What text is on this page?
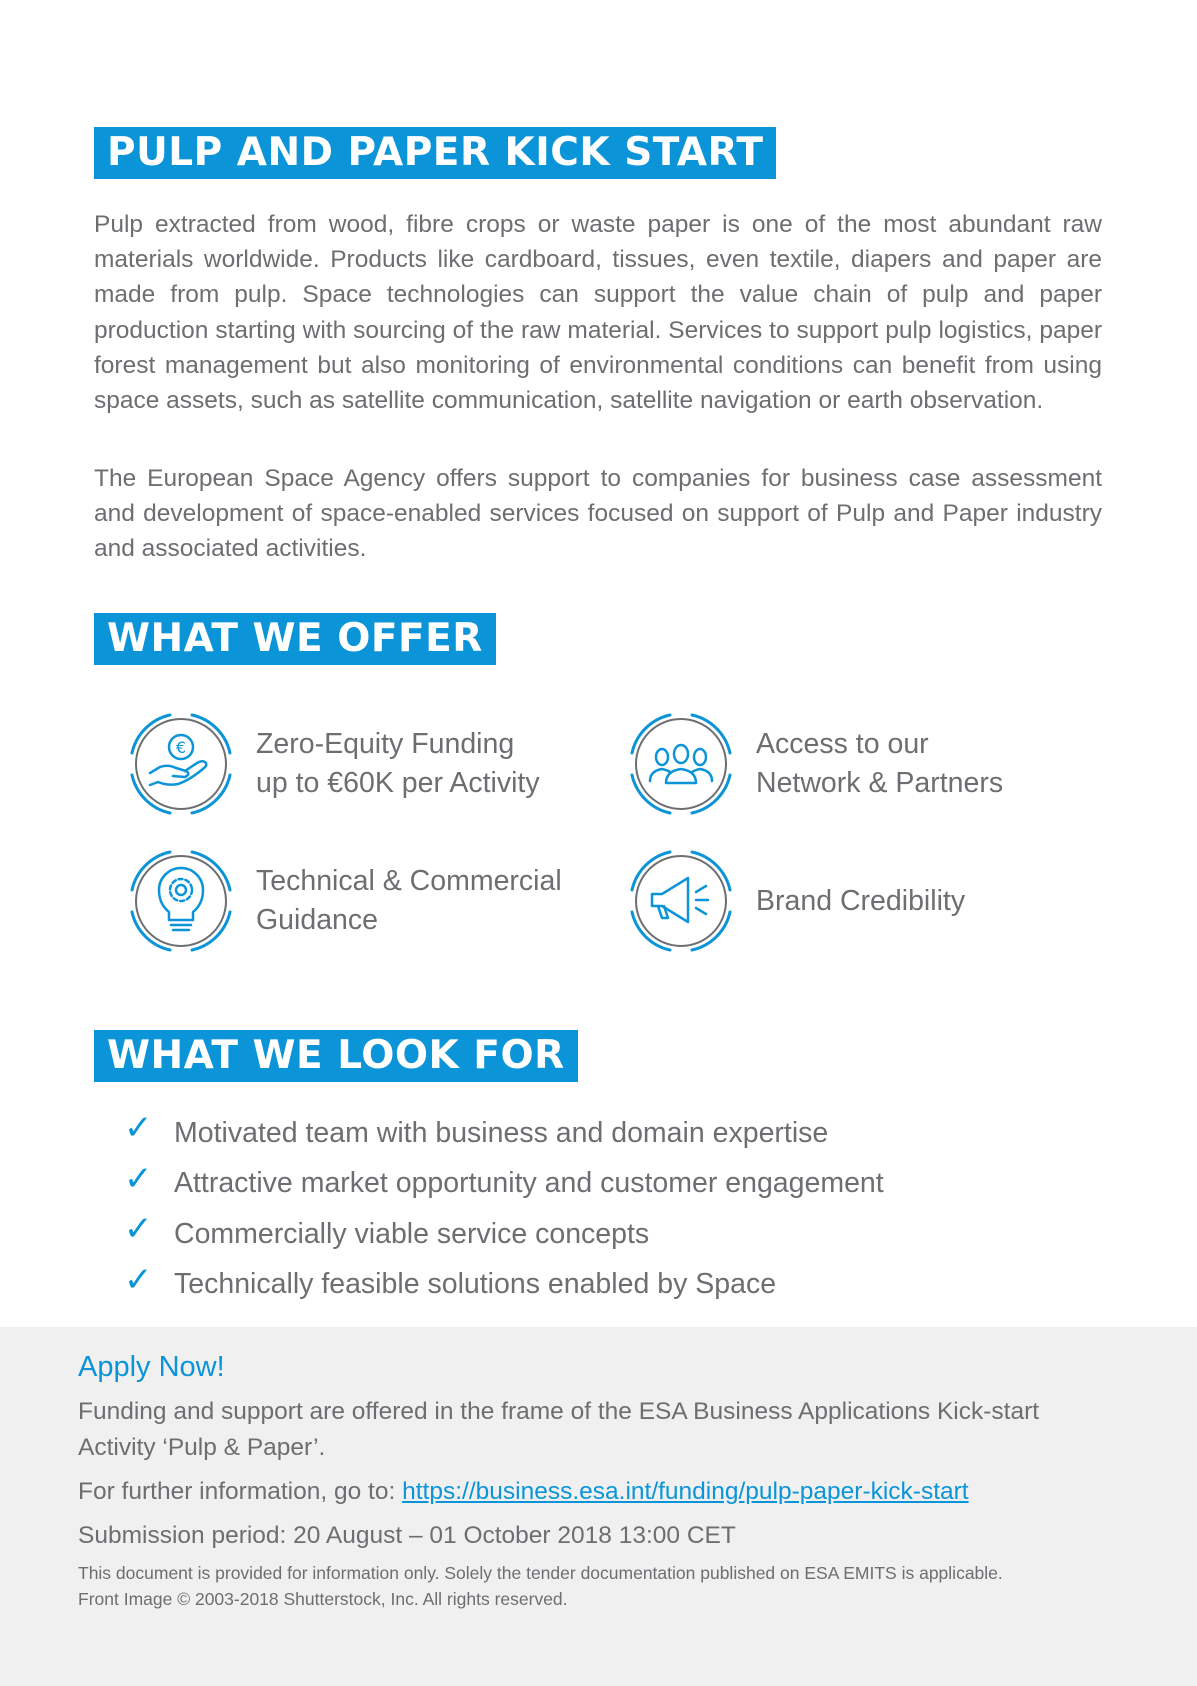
PULP AND PAPER KICK START

Pulp extracted from wood, fibre crops or waste paper is one of the most abundant raw materials worldwide. Products like cardboard, tissues, even textile, diapers and paper are made from pulp. Space technologies can support the value chain of pulp and paper production starting with sourcing of the raw material. Services to support pulp logistics, paper forest management but also monitoring of environmental conditions can benefit from using space assets, such as satellite communication, satellite navigation or earth observation.

The European Space Agency offers support to companies for business case assessment and development of space-enabled services focused on support of Pulp and Paper industry and associated activities.

WHAT WE OFFER
€ Zero-Equity Funding
up to €60K per Activity
Access to our
Network & Partners
Technical & Commercial
Guidance
Brand Credibility
WHAT WE LOOK FOR
✓ Motivated team with business and domain expertise
✓ Attractive market opportunity and customer engagement
✓ Commercially viable service concepts
✓ Technically feasible solutions enabled by Space
Apply Now!

Funding and support are offered in the frame of the ESA Business Applications Kick-start Activity ‘Pulp & Paper’.

For further information, go to: https://business.esa.int/funding/pulp-paper-kick-start

Submission period: 20 August – 01 October 2018 13:00 CET

This document is provided for information only. Solely the tender documentation published on ESA EMITS is applicable.
Front Image © 2003-2018 Shutterstock, Inc. All rights reserved.
